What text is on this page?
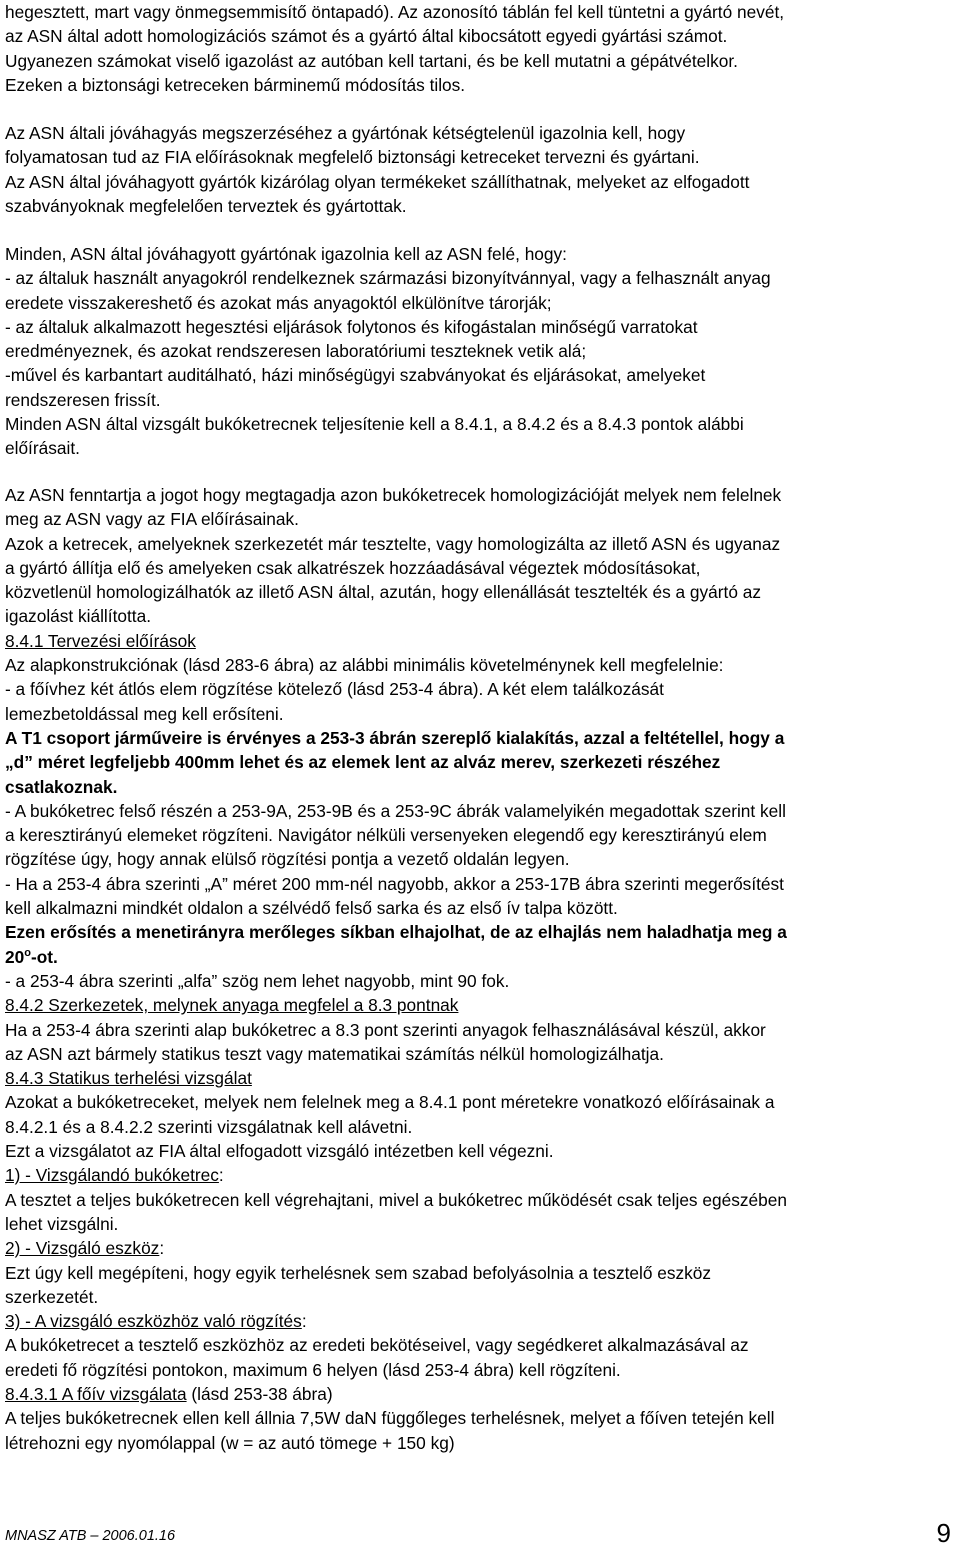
hegesztett, mart vagy önmegsemmisítő öntapadó). Az azonosító táblán fel kell tüntetni a gyártó nevét,

az ASN által adott homologizációs számot és a gyártó által kibocsátott egyedi gyártási számot.

Ugyanezen számokat viselő igazolást az autóban kell tartani, és be kell mutatni a gépátvételkor.

Ezeken a biztonsági ketreceken bárminemű módosítás tilos.

Az ASN általi jóváhagyás megszerzéséhez a gyártónak kétségtelenül igazolnia kell, hogy

folyamatosan tud az FIA előírásoknak megfelelő biztonsági ketreceket tervezni és gyártani.

Az ASN által jóváhagyott gyártók kizárólag olyan termékeket szállíthatnak, melyeket az elfogadott

szabványoknak megfelelően terveztek és gyártottak.

Minden, ASN által jóváhagyott gyártónak igazolnia kell az ASN felé, hogy:

- az általuk használt anyagokról rendelkeznek származási bizonyítvánnyal, vagy a felhasznált anyag

eredete visszakereshető és azokat más anyagoktól elkülönítve tárorják;

- az általuk alkalmazott hegesztési eljárások folytonos és kifogástalan minőségű varratokat

eredményeznek, és azokat rendszeresen laboratóriumi teszteknek vetik alá;

-művel és karbantart auditálható, házi minőségügyi szabványokat és eljárásokat, amelyeket

rendszeresen frissít.

Minden ASN által vizsgált bukóketrecnek teljesítenie kell a 8.4.1, a 8.4.2 és a 8.4.3 pontok alábbi

előírásait.

Az ASN fenntartja a jogot hogy megtagadja azon bukóketrecek homologizációját melyek nem felelnek

meg az ASN vagy az FIA előírásainak.

Azok a ketrecek, amelyeknek szerkezetét már tesztelte, vagy homologizálta az illető ASN és ugyanaz

a gyártó állítja elő és amelyeken csak alkatrészek hozzáadásával végeztek módosításokat,

közvetlenül homologizálhatók az illető ASN által, azután, hogy ellenállását tesztelték és a gyártó az

igazolást kiállította.

8.4.1 Tervezési előírások

Az alapkonstrukciónak (lásd 283-6 ábra) az alábbi minimális követelménynek kell megfelelnie:

- a főívhez két átlós elem rögzítése kötelező (lásd 253-4 ábra). A két elem találkozását

lemezbetoldással meg kell erősíteni.

A T1 csoport járműveire is érvényes a 253-3 ábrán szereplő kialakítás, azzal a feltétellel, hogy a

„d” méret legfeljebb 400mm lehet és az elemek lent az alváz merev, szerkezeti részéhez

csatlakoznak.

- A bukóketrec felső részén a 253-9A, 253-9B és a 253-9C ábrák valamelyikén megadottak szerint kell

a keresztirányú elemeket rögzíteni. Navigátor nélküli versenyeken elegendő egy keresztirányú elem

rögzítése úgy, hogy annak elülső rögzítési pontja a vezető oldalán legyen.

- Ha a 253-4 ábra szerinti „A” méret 200 mm-nél nagyobb, akkor a 253-17B ábra szerinti megerősítést

kell alkalmazni mindkét oldalon a szélvédő felső sarka és az első ív talpa között.

Ezen erősítés a menetirányra merőleges síkban elhajolhat, de az elhajlás nem haladhatja meg a

20$^o$-ot.

- a 253-4 ábra szerinti „alfa” szög nem lehet nagyobb, mint 90 fok.

8.4.2 Szerkezetek, melynek anyaga megfelel a 8.3 pontnak

Ha a 253-4 ábra szerinti alap bukóketrec a 8.3 pont szerinti anyagok felhasználásával készül, akkor

az ASN azt bármely statikus teszt vagy matematikai számítás nélkül homologizálhatja.

8.4.3 Statikus terhelési vizsgálat

Azokat a bukóketreceket, melyek nem felelnek meg a 8.4.1 pont méretekre vonatkozó előírásainak a

8.4.2.1 és a 8.4.2.2 szerinti vizsgálatnak kell alávetni.

Ezt a vizsgálatot az FIA által elfogadott vizsgáló intézetben kell végezni.

1) - Vizsgálandó bukóketrec:

A tesztet a teljes bukóketrecen kell végrehajtani, mivel a bukóketrec működését csak teljes egészében

lehet vizsgálni.

2) - Vizsgáló eszköz:

Ezt úgy kell megépíteni, hogy egyik terhelésnek sem szabad befolyásolnia a tesztelő eszköz

szerkezetét.

3) - A vizsgáló eszközhöz való rögzítés:

A bukóketrecet a tesztelő eszközhöz az eredeti bekötéseivel, vagy segédkeret alkalmazásával az

eredeti fő rögzítési pontokon, maximum 6 helyen (lásd 253-4 ábra) kell rögzíteni.

8.4.3.1 A főív vizsgálata (lásd 253-38 ábra)

A teljes bukóketrecnek ellen kell állnia 7,5W daN függőleges terhelésnek, melyet a főíven tetején kell

létrehozni egy nyomólappal (w = az autó tömege + 150 kg)

MNASZ ATB – 2006.01.16	9
